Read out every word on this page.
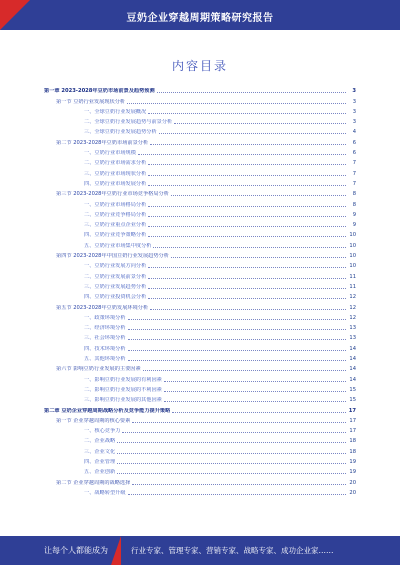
豆奶企业穿越周期策略研究报告
内容目录
第一章 2023-2028年豆奶市场前景及趋势预测	3
第一节 豆奶行业发展现状分析	3
一、全球豆奶行业发展概况	3
二、全球豆奶行业发展趋势与前景分析	3
三、全球豆奶行业发展趋势分析	4
第二节 2023-2028年豆奶市场前景分析	6
一、豆奶行业市场规模	6
二、豆奶行业市场需求分析	7
三、豆奶行业市场现状分析	7
四、豆奶行业市场发展分析	7
第三节 2023-2028年豆奶行业市场竞争格局分析	8
一、豆奶行业市场格局分析	8
二、豆奶行业竞争格局分析	9
三、豆奶行业重点企业分析	9
四、豆奶行业竞争策略分析	10
五、豆奶行业市场集中度分析	10
第四节 2023-2028年中国豆奶行业发展趋势分析	10
一、豆奶行业发展方向分析	10
二、豆奶行业发展前景分析	11
三、豆奶行业发展趋势分析	11
四、豆奶行业投资机会分析	12
第五节 2023-2028年豆奶发展环境分析	12
一、政策环境分析	12
二、经济环境分析	13
三、社会环境分析	13
四、技术环境分析	14
五、其他环境分析	14
第六节 影响豆奶行业发展的主要因素	14
一、影响豆奶行业发展的有利因素	14
二、影响豆奶行业发展的不利因素	15
三、影响豆奶行业发展的其他因素	15
第二章 豆奶企业穿越周期战略分析及竞争能力提升策略	17
第一节 企业穿越周期的核心要素	17
一、核心竞争力	17
二、企业战略	18
三、企业文化	18
四、企业管理	19
五、企业创新	19
第二节 企业穿越周期的战略选择	20
一、战略转型升级	20
让每个人都能成为	行业专家、管理专家、营销专家、战略专家、成功企业家……
